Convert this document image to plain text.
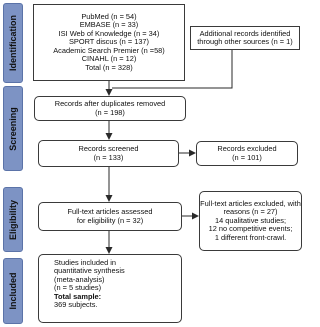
Identification
Screening
Eligibility
Included
PubMed (n = 54)
EMBASE (n = 33)
ISI Web of Knowledge (n = 34)
SPORT discus (n = 137)
Academic Search Premier (n =58)
CINAHL (n = 12)
Total (n = 328)
Additional records identified
through other sources (n = 1)
Records after duplicates removed
(n = 198)
Records screened
(n = 133)
Records excluded
(n = 101)
Full-text articles assessed
for eligibility (n = 32)
Full-text articles excluded, with
reasons (n = 27)
14 qualitative studies;
12 no competitive events;
1 different front-crawl.
Studies included in
quantitative synthesis
(meta-analysis)
(n = 5 studies)
Total sample:
369 subjects.
